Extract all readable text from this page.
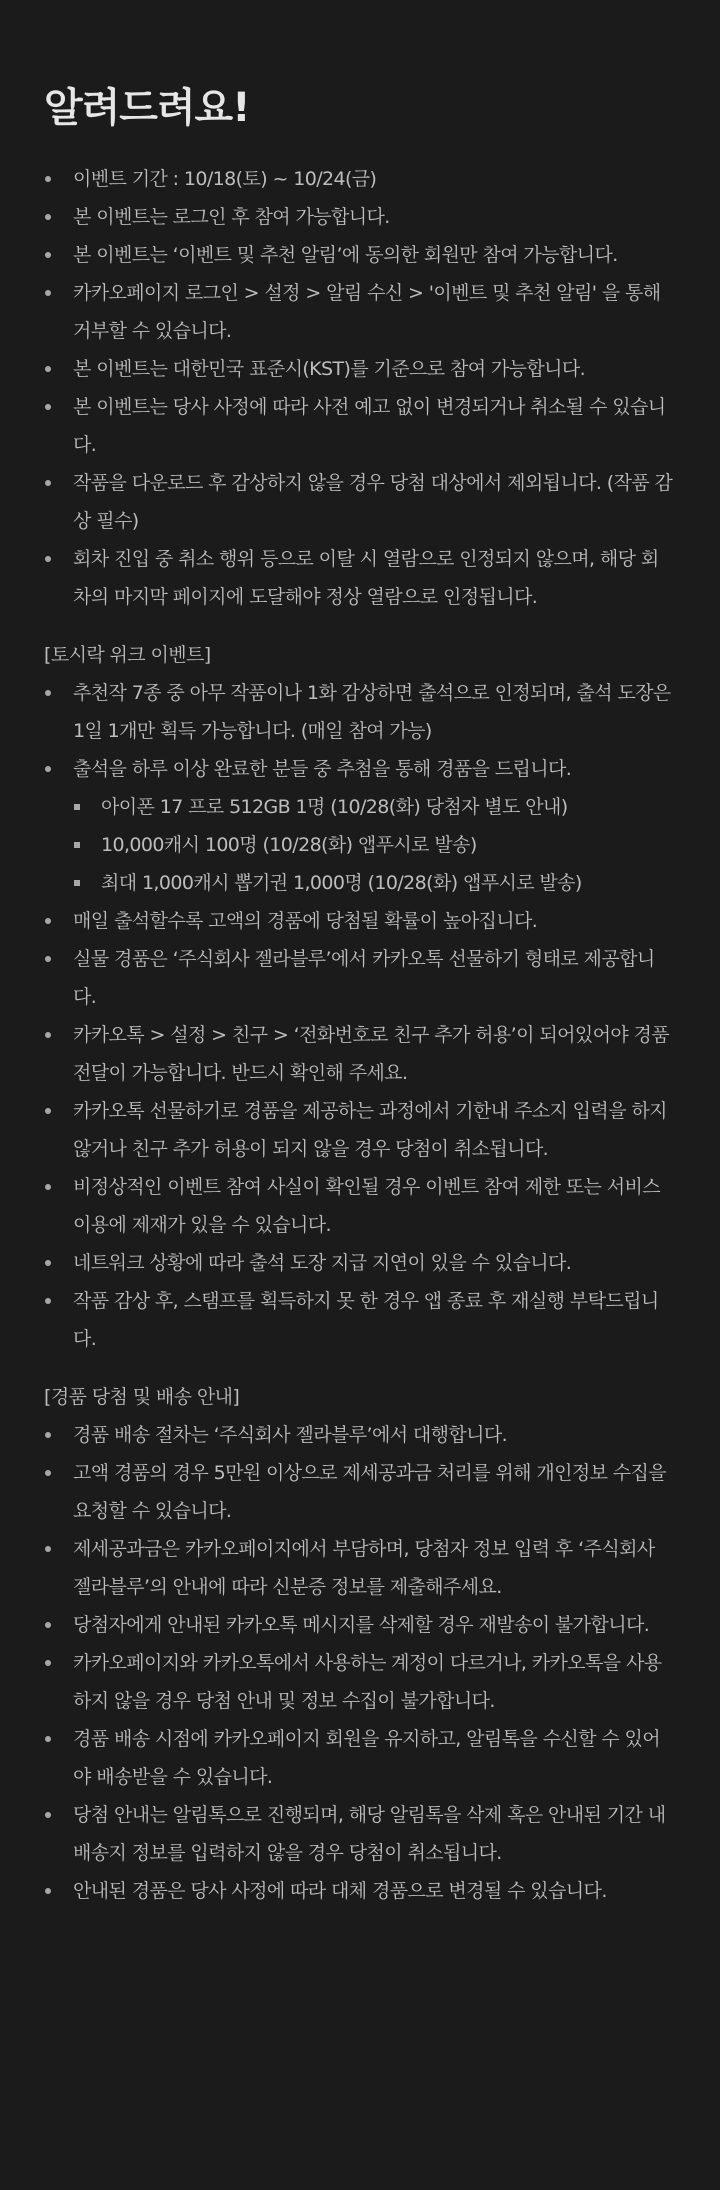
알려드려요!
이벤트 기간 : 10/18(토) ~ 10/24(금)
본 이벤트는 로그인 후 참여 가능합니다.
본 이벤트는 ‘이벤트 및 추천 알림’에 동의한 회원만 참여 가능합니다.
카카오페이지 로그인 > 설정 > 알림 수신 > '이벤트 및 추천 알림' 을 통해 거부할 수 있습니다.
본 이벤트는 대한민국 표준시(KST)를 기준으로 참여 가능합니다.
본 이벤트는 당사 사정에 따라 사전 예고 없이 변경되거나 취소될 수 있습니다.
작품을 다운로드 후 감상하지 않을 경우 당첨 대상에서 제외됩니다. (작품 감상 필수)
회차 진입 중 취소 행위 등으로 이탈 시 열람으로 인정되지 않으며, 해당 회차의 마지막 페이지에 도달해야 정상 열람으로 인정됩니다.
[토시락 위크 이벤트]
추천작 7종 중 아무 작품이나 1화 감상하면 출석으로 인정되며, 출석 도장은 1일 1개만 획득 가능합니다. (매일 참여 가능)
출석을 하루 이상 완료한 분들 중 추첨을 통해 경품을 드립니다.
아이폰 17 프로 512GB 1명 (10/28(화) 당첨자 별도 안내)
10,000캐시 100명 (10/28(화) 앱푸시로 발송)
최대 1,000캐시 뽑기권 1,000명 (10/28(화) 앱푸시로 발송)
매일 출석할수록 고액의 경품에 당첨될 확률이 높아집니다.
실물 경품은 ‘주식회사 젤라블루’에서 카카오톡 선물하기 형태로 제공합니다.
카카오톡 > 설정 > 친구 > ‘전화번호로 친구 추가 허용’이 되어있어야 경품 전달이 가능합니다. 반드시 확인해 주세요.
카카오톡 선물하기로 경품을 제공하는 과정에서 기한내 주소지 입력을 하지 않거나 친구 추가 허용이 되지 않을 경우 당첨이 취소됩니다.
비정상적인 이벤트 참여 사실이 확인될 경우 이벤트 참여 제한 또는 서비스 이용에 제재가 있을 수 있습니다.
네트워크 상황에 따라 출석 도장 지급 지연이 있을 수 있습니다.
작품 감상 후, 스탬프를 획득하지 못 한 경우 앱 종료 후 재실행 부탁드립니다.
[경품 당첨 및 배송 안내]
경품 배송 절차는 ‘주식회사 젤라블루’에서 대행합니다.
고액 경품의 경우 5만원 이상으로 제세공과금 처리를 위해 개인정보 수집을 요청할 수 있습니다.
제세공과금은 카카오페이지에서 부담하며, 당첨자 정보 입력 후 ‘주식회사 젤라블루’의 안내에 따라 신분증 정보를 제출해주세요.
당첨자에게 안내된 카카오톡 메시지를 삭제할 경우 재발송이 불가합니다.
카카오페이지와 카카오톡에서 사용하는 계정이 다르거나, 카카오톡을 사용하지 않을 경우 당첨 안내 및 정보 수집이 불가합니다.
경품 배송 시점에 카카오페이지 회원을 유지하고, 알림톡을 수신할 수 있어야 배송받을 수 있습니다.
당첨 안내는 알림톡으로 진행되며, 해당 알림톡을 삭제 혹은 안내된 기간 내 배송지 정보를 입력하지 않을 경우 당첨이 취소됩니다.
안내된 경품은 당사 사정에 따라 대체 경품으로 변경될 수 있습니다.
